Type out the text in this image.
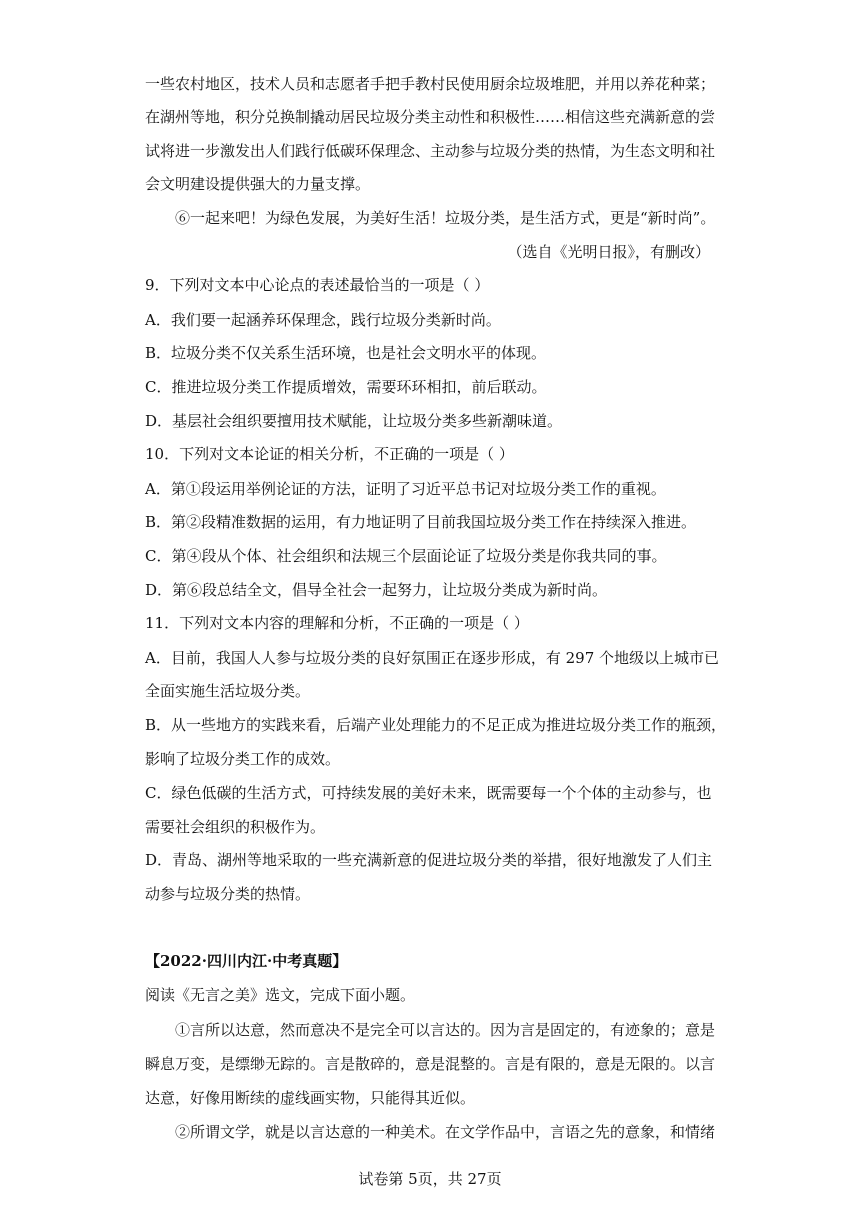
一些农村地区，技术人员和志愿者手把手教村民使用厨余垃圾堆肥，并用以养花种菜；
在湖州等地，积分兑换制撬动居民垃圾分类主动性和积极性……相信这些充满新意的尝
试将进一步激发出人们践行低碳环保理念、主动参与垃圾分类的热情，为生态文明和社
会文明建设提供强大的力量支撑。
⑥一起来吧！为绿色发展，为美好生活！垃圾分类，是生活方式，更是“新时尚”。
（选自《光明日报》，有删改）
9．下列对文本中心论点的表述最恰当的一项是（ ）
A．我们要一起涵养环保理念，践行垃圾分类新时尚。
B．垃圾分类不仅关系生活环境，也是社会文明水平的体现。
C．推进垃圾分类工作提质增效，需要环环相扣，前后联动。
D．基层社会组织要擅用技术赋能，让垃圾分类多些新潮味道。
10．下列对文本论证的相关分析，不正确的一项是（ ）
A．第①段运用举例论证的方法，证明了习近平总书记对垃圾分类工作的重视。
B．第②段精准数据的运用，有力地证明了目前我国垃圾分类工作在持续深入推进。
C．第④段从个体、社会组织和法规三个层面论证了垃圾分类是你我共同的事。
D．第⑥段总结全文，倡导全社会一起努力，让垃圾分类成为新时尚。
11．下列对文本内容的理解和分析，不正确的一项是（ ）
A．目前，我国人人参与垃圾分类的良好氛围正在逐步形成，有 297 个地级以上城市已
全面实施生活垃圾分类。
B．从一些地方的实践来看，后端产业处理能力的不足正成为推进垃圾分类工作的瓶颈，
影响了垃圾分类工作的成效。
C．绿色低碳的生活方式，可持续发展的美好未来，既需要每一个个体的主动参与，也
需要社会组织的积极作为。
D．青岛、湖州等地采取的一些充满新意的促进垃圾分类的举措，很好地激发了人们主
动参与垃圾分类的热情。
【2022·四川内江·中考真题】
阅读《无言之美》选文，完成下面小题。
①言所以达意，然而意决不是完全可以言达的。因为言是固定的，有迹象的；意是
瞬息万变，是缥缈无踪的。言是散碎的，意是混整的。言是有限的，意是无限的。以言
达意，好像用断续的虚线画实物，只能得其近似。
②所谓文学，就是以言达意的一种美术。在文学作品中，言语之先的意象，和情绪
试卷第 5页，共 27页
